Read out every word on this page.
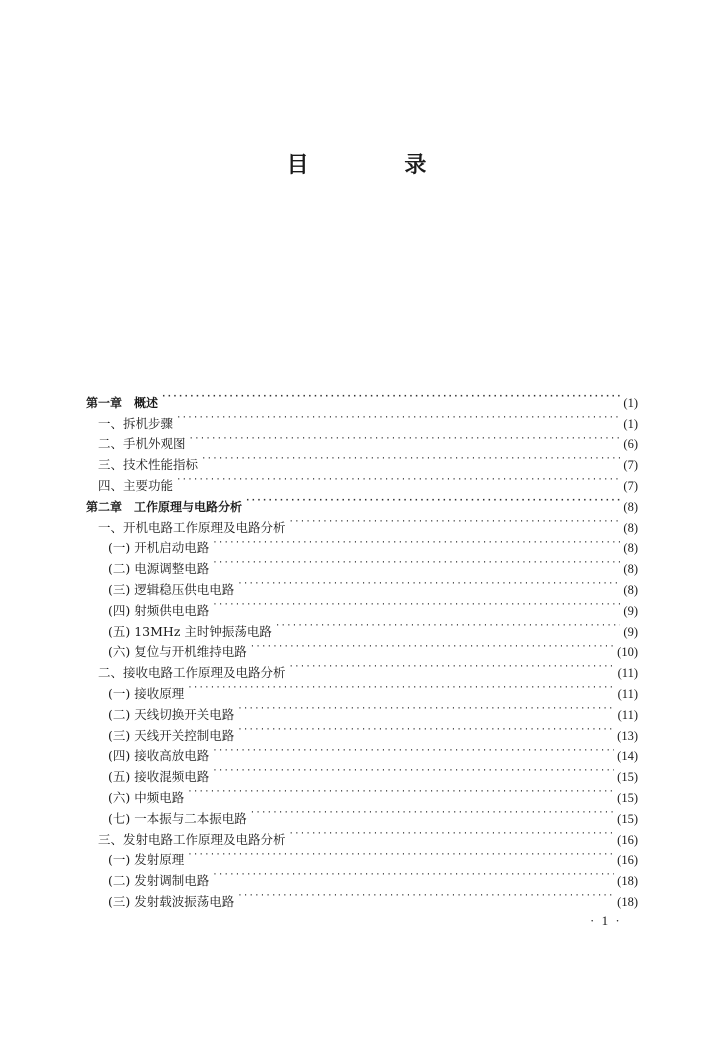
目 录
第一章　概述 ·····	(1)
一、拆机步骤 ·····	(1)
二、手机外观图 ·····	(6)
三、技术性能指标 ·····	(7)
四、主要功能 ·····	(7)
第二章　工作原理与电路分析 ·····	(8)
一、开机电路工作原理及电路分析 ·····	(8)
(一) 开机启动电路 ·····	(8)
(二) 电源调整电路 ·····	(8)
(三) 逻辑稳压供电电路 ·····	(8)
(四) 射频供电电路 ·····	(9)
(五) 13MHz 主时钟振荡电路 ·····	(9)
(六) 复位与开机维持电路 ·····	(10)
二、接收电路工作原理及电路分析 ·····	(11)
(一) 接收原理 ·····	(11)
(二) 天线切换开关电路 ·····	(11)
(三) 天线开关控制电路 ·····	(13)
(四) 接收高放电路 ·····	(14)
(五) 接收混频电路 ·····	(15)
(六) 中频电路 ·····	(15)
(七) 一本振与二本振电路 ·····	(15)
三、发射电路工作原理及电路分析 ·····	(16)
(一) 发射原理 ·····	(16)
(二) 发射调制电路 ·····	(18)
(三) 发射载波振荡电路 ·····	(18)
· 1 ·
